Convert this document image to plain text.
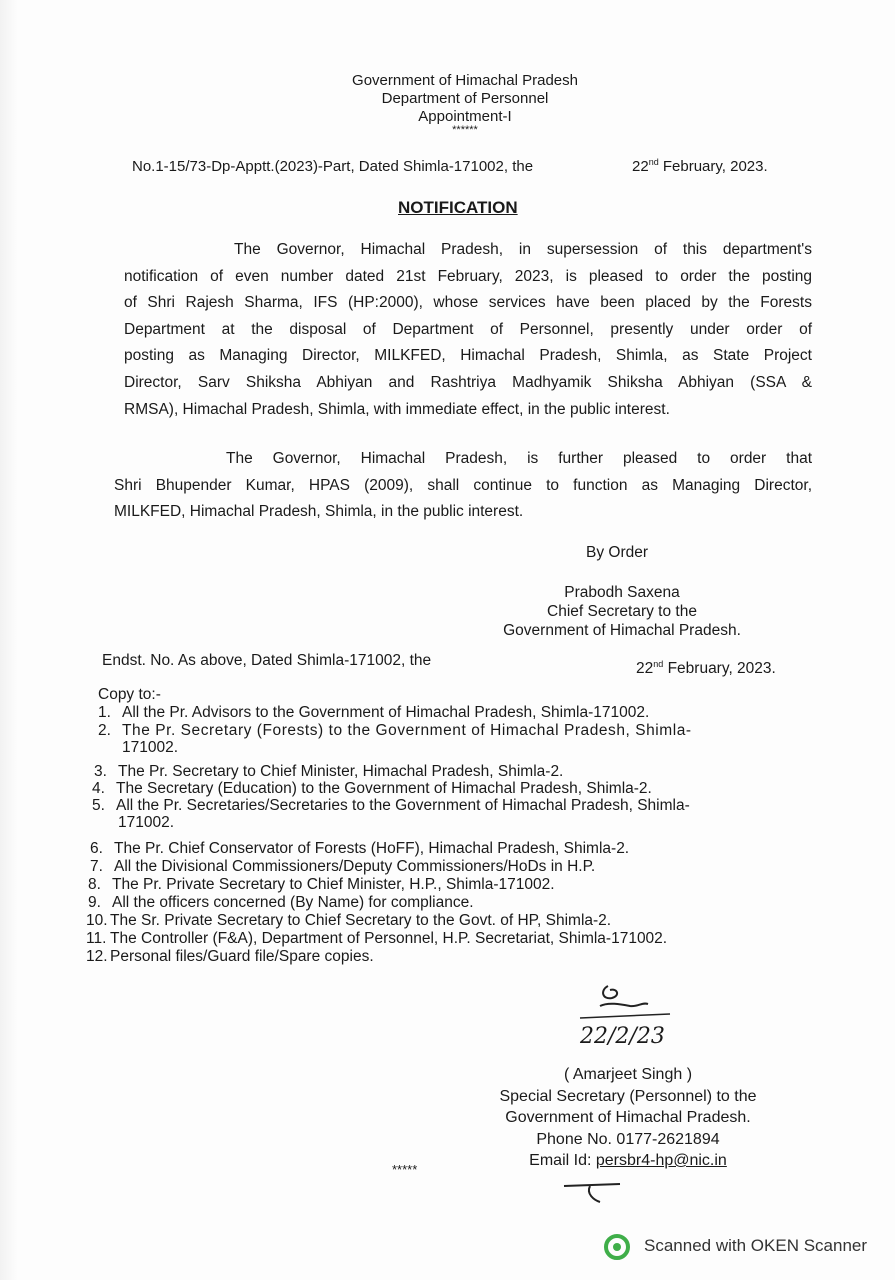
Government of Himachal Pradesh
Department of Personnel
Appointment-I
******
No.1-15/73-Dp-Apptt.(2023)-Part, Dated Shimla-171002, the	22nd February, 2023.
NOTIFICATION
The Governor, Himachal Pradesh, in supersession of this department's
notification of even number dated 21st February, 2023, is pleased to order the posting
of Shri Rajesh Sharma, IFS (HP:2000), whose services have been placed by the Forests
Department at the disposal of Department of Personnel, presently under order of
posting as Managing Director, MILKFED, Himachal Pradesh, Shimla, as State Project
Director, Sarv Shiksha Abhiyan and Rashtriya Madhyamik Shiksha Abhiyan (SSA &
RMSA), Himachal Pradesh, Shimla, with immediate effect, in the public interest.
The Governor, Himachal Pradesh, is further pleased to order that
Shri Bhupender Kumar, HPAS (2009), shall continue to function as Managing Director,
MILKFED, Himachal Pradesh, Shimla, in the public interest.
By Order
Prabodh Saxena
Chief Secretary to the
Government of Himachal Pradesh.
Endst. No. As above, Dated Shimla-171002, the	22nd February, 2023.
Copy to:-
1. All the Pr. Advisors to the Government of Himachal Pradesh, Shimla-171002.
2. The Pr. Secretary (Forests) to the Government of Himachal Pradesh, Shimla-
171002.
3. The Pr. Secretary to Chief Minister, Himachal Pradesh, Shimla-2.
4. The Secretary (Education) to the Government of Himachal Pradesh, Shimla-2.
5. All the Pr. Secretaries/Secretaries to the Government of Himachal Pradesh, Shimla-
171002.
6. The Pr. Chief Conservator of Forests (HoFF), Himachal Pradesh, Shimla-2.
7. All the Divisional Commissioners/Deputy Commissioners/HoDs in H.P.
8. The Pr. Private Secretary to Chief Minister, H.P., Shimla-171002.
9. All the officers concerned (By Name) for compliance.
10. The Sr. Private Secretary to Chief Secretary to the Govt. of HP, Shimla-2.
11. The Controller (F&A), Department of Personnel, H.P. Secretariat, Shimla-171002.
12. Personal files/Guard file/Spare copies.
22/2/23
( Amarjeet Singh )
Special Secretary (Personnel) to the
Government of Himachal Pradesh.
Phone No. 0177-2621894
Email Id: persbr4-hp@nic.in
*****
Scanned with OKEN Scanner
